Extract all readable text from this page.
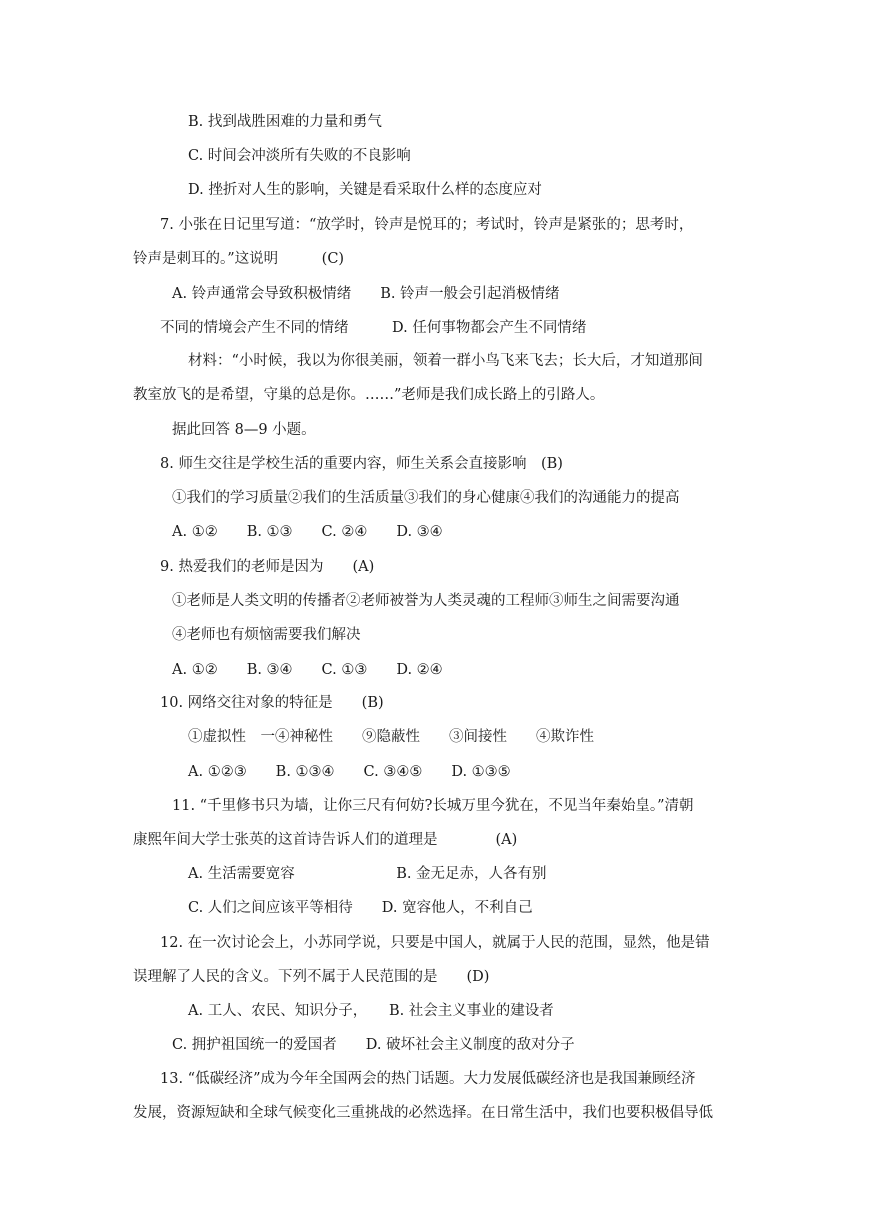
B. 找到战胜困难的力量和勇气
C. 时间会冲淡所有失败的不良影响
D. 挫折对人生的影响，关键是看采取什么样的态度应对
7. 小张在日记里写道：“放学时，铃声是悦耳的；考试时，铃声是紧张的；思考时，
铃声是刺耳的。”这说明　　　(C)
A. 铃声通常会导致积极情绪　　B. 铃声一般会引起消极情绪
不同的情境会产生不同的情绪　　　D. 任何事物都会产生不同情绪
材料：“小时候，我以为你很美丽，领着一群小鸟飞来飞去；长大后，才知道那间
教室放飞的是希望，守巢的总是你。……”老师是我们成长路上的引路人。
据此回答 8—9 小题。
8. 师生交往是学校生活的重要内容，师生关系会直接影响　(B)
①我们的学习质量②我们的生活质量③我们的身心健康④我们的沟通能力的提高
A. ①②　　B. ①③　　C. ②④　　D. ③④
9. 热爱我们的老师是因为　　(A)
①老师是人类文明的传播者②老师被誉为人类灵魂的工程师③师生之间需要沟通
④老师也有烦恼需要我们解决
A. ①②　　B. ③④　　C. ①③　　D. ②④
10. 网络交往对象的特征是　　(B)
①虚拟性　一④神秘性　　⑨隐蔽性　　③间接性　　④欺诈性
A. ①②③　　B. ①③④　　C. ③④⑤　　D. ①③⑤
11. “千里修书只为墙，让你三尺有何妨?长城万里今犹在，不见当年秦始皇。”清朝
康熙年间大学士张英的这首诗告诉人们的道理是　　　　(A)
A. 生活需要宽容　　　　　　　B. 金无足赤，人各有别
C. 人们之间应该平等相待　　D. 宽容他人，不利自己
12. 在一次讨论会上，小苏同学说，只要是中国人，就属于人民的范围，显然，他是错
误理解了人民的含义。下列不属于人民范围的是　　(D)
A. 工人、农民、知识分子，　　B. 社会主义事业的建设者
C. 拥护祖国统一的爱国者　　D. 破坏社会主义制度的敌对分子
13. “低碳经济”成为今年全国两会的热门话题。大力发展低碳经济也是我国兼顾经济
发展，资源短缺和全球气候变化三重挑战的必然选择。在日常生活中，我们也要积极倡导低
